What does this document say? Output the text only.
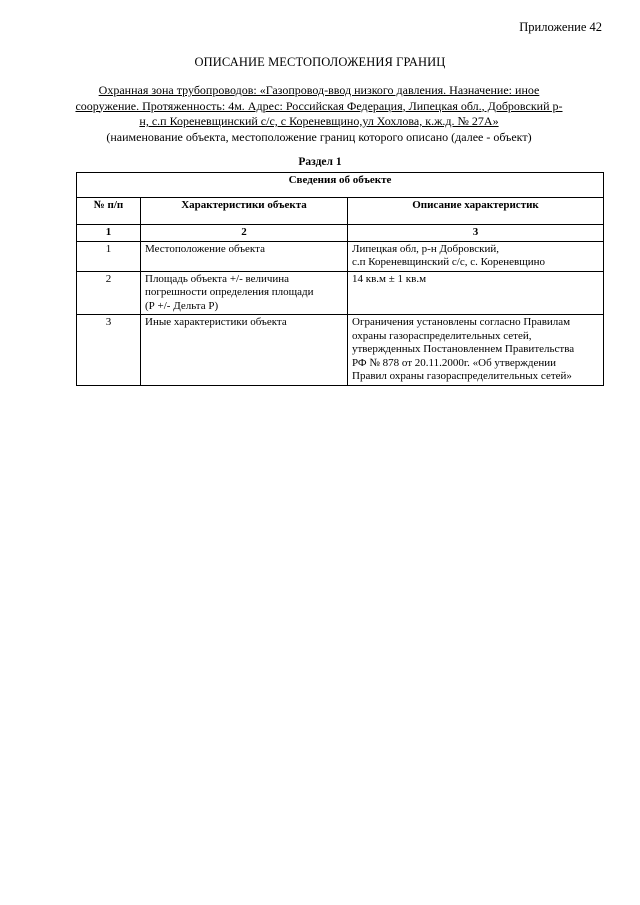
Приложение 42
ОПИСАНИЕ МЕСТОПОЛОЖЕНИЯ ГРАНИЦ
Охранная зона трубопроводов: «Газопровод-ввод низкого давления. Назначение: иное
сооружение. Протяженность: 4м. Адрес: Российская Федерация, Липецкая обл., Добровский р-
н, с.п Кореневщинский с/с, с Кореневщино,ул Хохлова, к.ж.д. № 27А»

(наименование объекта, местоположение границ которого описано (далее - объект)
Раздел 1
Сведения об объекте		
№ п/п	Характеристики объекта	Описание характеристик
1	2	3
1	Местоположение объекта	Липецкая обл, р-н Добровский,
с.п Кореневщинский с/с, с. Кореневщино
2	Площадь объекта +/- величина
погрешности определения площади
(Р +/- Дельта Р)	14 кв.м ± 1 кв.м
3	Иные характеристики объекта	Ограничения установлены согласно Правилам
охраны газораспределительных сетей,
утвержденных Постановленнем Правительства
РФ № 878 от 20.11.2000г. «Об утверждении
Правил охраны газораспределительных сетей»
